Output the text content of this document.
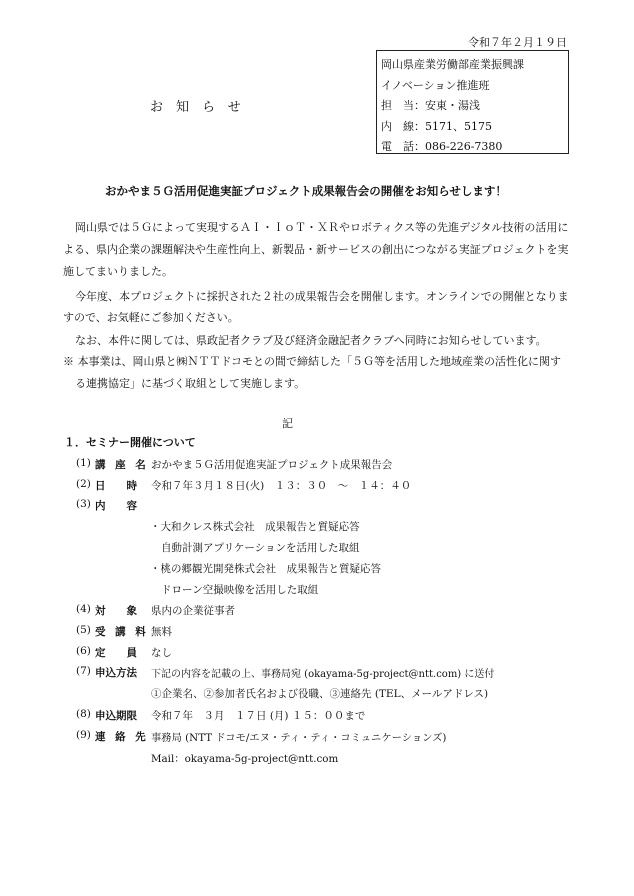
令和７年２月１９日
岡山県産業労働部産業振興課
イノベーション推進班
担　当：安東・湯浅
内　線：5171、5175
電　話：086-226-7380
お知らせ
おかやま５Ｇ活用促進実証プロジェクト成果報告会の開催をお知らせします！
岡山県では５Ｇによって実現するＡＩ・ＩｏＴ・ＸＲやロボティクス等の先進デジタル技術の活用に
よる、県内企業の課題解決や生産性向上、新製品・新サービスの創出につながる実証プロジェクトを実
施してまいりました。
今年度、本プロジェクトに採択された２社の成果報告会を開催します。オンラインでの開催となりま
すので、お気軽にご参加ください。
なお、本件に関しては、県政記者クラブ及び経済金融記者クラブへ同時にお知らせしています。
※ 本事業は、岡山県と㈱ＮＴＴドコモとの間で締結した「５Ｇ等を活用した地域産業の活性化に関す
る連携協定」に基づく取組として実施します。
記
１．セミナー開催について
(1) 講 座 名 おかやま５Ｇ活用促進実証プロジェクト成果報告会
(2) 日　　時 令和７年３月１８日(火)　１３：３０　～　１４：４０
(3) 内　　容
・大和クレス株式会社　成果報告と質疑応答
自動計測アプリケーションを活用した取組
・桃の郷観光開発株式会社　成果報告と質疑応答
ドローン空撮映像を活用した取組
(4) 対　　象 県内の企業従事者
(5) 受 講 料 無料
(6) 定　　員 なし
(7) 申込方法 下記の内容を記載の上、事務局宛 (okayama-5g-project@ntt.com) に送付
①企業名、②参加者氏名および役職、③連絡先 (TEL、メールアドレス)
(8) 申込期限 令和７年　３月　１７日 (月) １５：００まで
(9) 連 絡 先 事務局 (NTT ドコモ/エヌ・ティ・ティ・コミュニケーションズ)
Mail：okayama-5g-project@ntt.com
